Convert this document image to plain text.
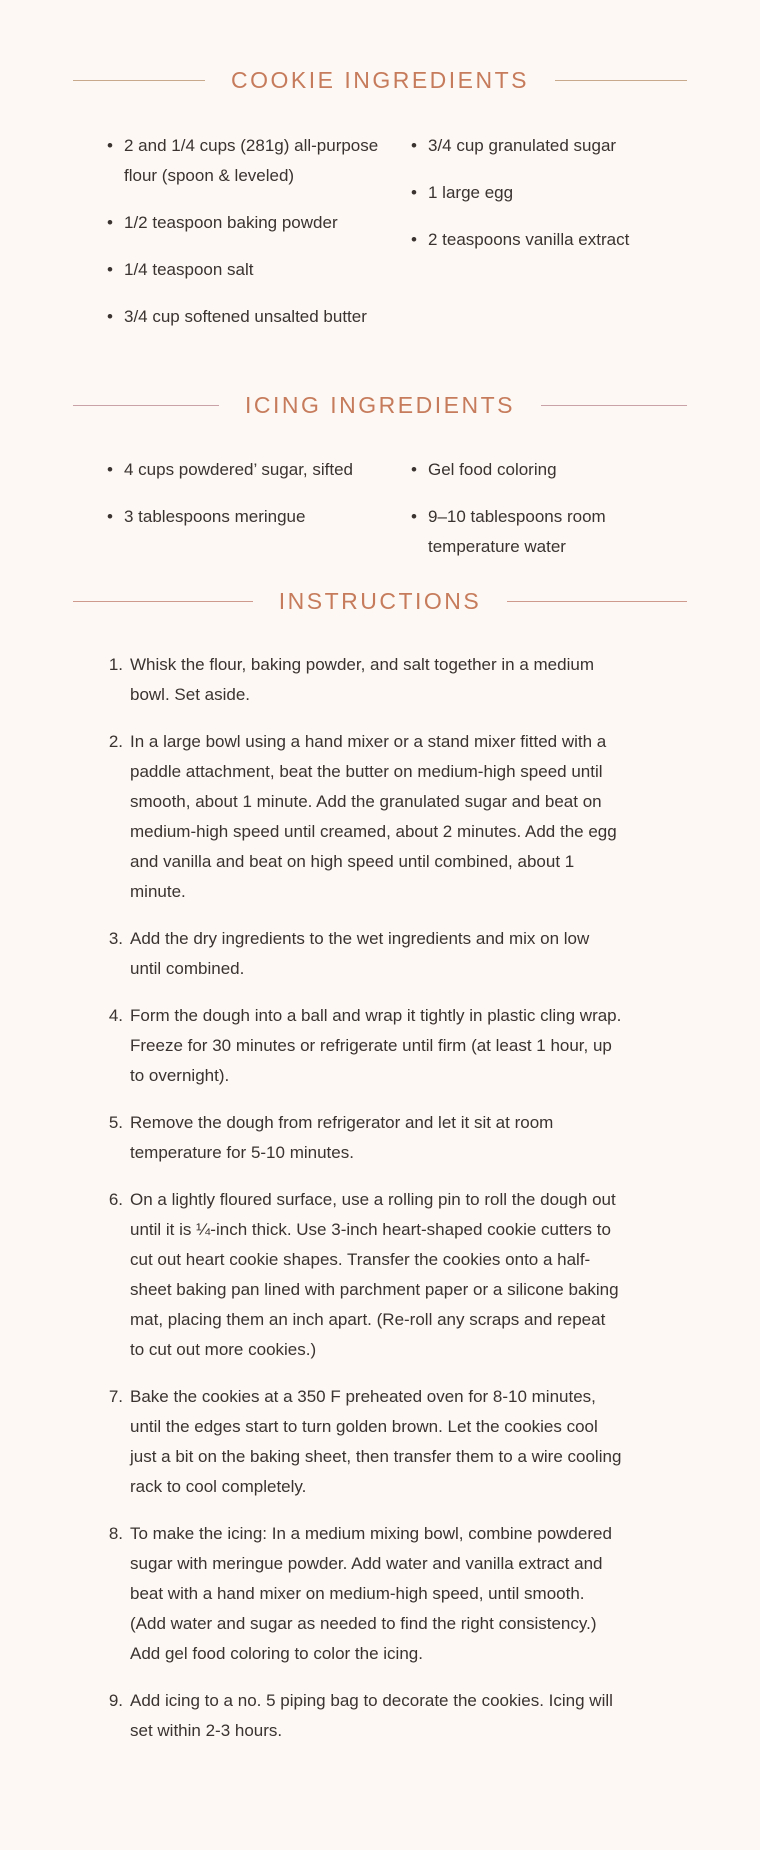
COOKIE INGREDIENTS
• 2 and 1/4 cups (281g) all-purpose flour (spoon & leveled)
• 1/2 teaspoon baking powder
• 1/4 teaspoon salt
• 3/4 cup softened unsalted butter
• 3/4 cup granulated sugar
• 1 large egg
• 2 teaspoons vanilla extract
ICING INGREDIENTS
• 4 cups powdered’ sugar, sifted
• 3 tablespoons meringue
• Gel food coloring
• 9–10 tablespoons room temperature water
INSTRUCTIONS
1. Whisk the flour, baking powder, and salt together in a medium bowl. Set aside.
2. In a large bowl using a hand mixer or a stand mixer fitted with a paddle attachment, beat the butter on medium-high speed until smooth, about 1 minute. Add the granulated sugar and beat on medium-high speed until creamed, about 2 minutes. Add the egg and vanilla and beat on high speed until combined, about 1 minute.
3. Add the dry ingredients to the wet ingredients and mix on low until combined.
4. Form the dough into a ball and wrap it tightly in plastic cling wrap. Freeze for 30 minutes or refrigerate until firm (at least 1 hour, up to overnight).
5. Remove the dough from refrigerator and let it sit at room temperature for 5-10 minutes.
6. On a lightly floured surface, use a rolling pin to roll the dough out until it is ¼-inch thick. Use 3-inch heart-shaped cookie cutters to cut out heart cookie shapes. Transfer the cookies onto a half-sheet baking pan lined with parchment paper or a silicone baking mat, placing them an inch apart. (Re-roll any scraps and repeat to cut out more cookies.)
7. Bake the cookies at a 350 F preheated oven for 8-10 minutes, until the edges start to turn golden brown. Let the cookies cool just a bit on the baking sheet, then transfer them to a wire cooling rack to cool completely.
8. To make the icing: In a medium mixing bowl, combine powdered sugar with meringue powder. Add water and vanilla extract and beat with a hand mixer on medium-high speed, until smooth. (Add water and sugar as needed to find the right consistency.) Add gel food coloring to color the icing.
9. Add icing to a no. 5 piping bag to decorate the cookies. Icing will set within 2-3 hours.
